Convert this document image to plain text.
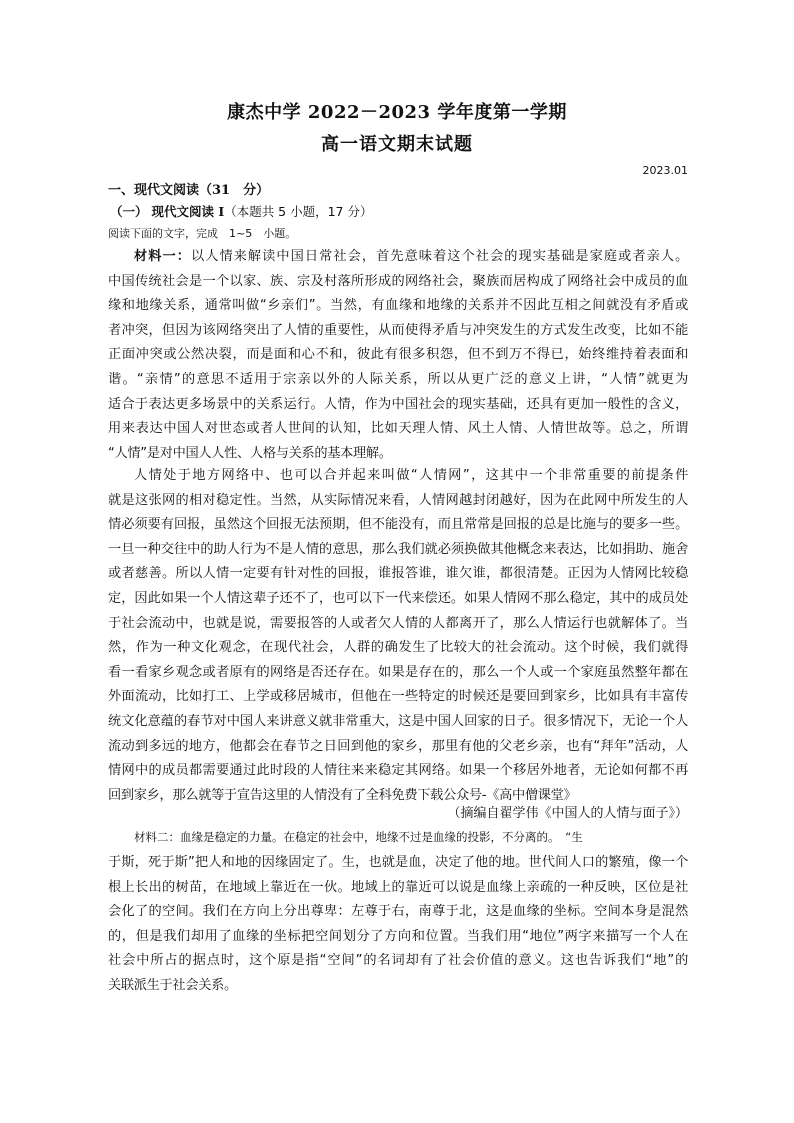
康杰中学 2022－2023 学年度第一学期
高一语文期末试题
2023.01
一、现代文阅读（31　分）
（一） 现代文阅读 I（本题共 5 小题，17 分）
阅读下面的文字，完成　1~5　小题。
材料一：以人情来解读中国日常社会，首先意味着这个社会的现实基础是家庭或者亲人。
中国传统社会是一个以家、族、宗及村落所形成的网络社会，聚族而居构成了网络社会中成员的血
缘和地缘关系，通常叫做“乡亲们”。当然，有血缘和地缘的关系并不因此互相之间就没有矛盾或
者冲突，但因为该网络突出了人情的重要性，从而使得矛盾与冲突发生的方式发生改变，比如不能
正面冲突或公然决裂，而是面和心不和，彼此有很多积怨，但不到万不得已，始终维持着表面和
谐。“亲情”的意思不适用于宗亲以外的人际关系，所以从更广泛的意义上讲，“人情”就更为
适合于表达更多场景中的关系运行。人情，作为中国社会的现实基础，还具有更加一般性的含义，
用来表达中国人对世态或者人世间的认知，比如天理人情、风土人情、人情世故等。总之，所谓
“人情”是对中国人人性、人格与关系的基本理解。
人情处于地方网络中、也可以合并起来叫做“人情网”，这其中一个非常重要的前提条件
就是这张网的相对稳定性。当然，从实际情况来看，人情网越封闭越好，因为在此网中所发生的人
情必须要有回报，虽然这个回报无法预期，但不能没有，而且常常是回报的总是比施与的要多一些。
一旦一种交往中的助人行为不是人情的意思，那么我们就必须换做其他概念来表达，比如捐助、施舍
或者慈善。所以人情一定要有针对性的回报，谁报答谁，谁欠谁，都很清楚。正因为人情网比较稳
定，因此如果一个人情这辈子还不了，也可以下一代来偿还。如果人情网不那么稳定，其中的成员处
于社会流动中，也就是说，需要报答的人或者欠人情的人都离开了，那么人情运行也就解体了。当
然，作为一种文化观念，在现代社会，人群的确发生了比较大的社会流动。这个时候，我们就得
看一看家乡观念或者原有的网络是否还存在。如果是存在的，那么一个人或一个家庭虽然整年都在
外面流动，比如打工、上学或移居城市，但他在一些特定的时候还是要回到家乡，比如具有丰富传
统文化意蕴的春节对中国人来讲意义就非常重大，这是中国人回家的日子。很多情况下，无论一个人
流动到多远的地方，他都会在春节之日回到他的家乡，那里有他的父老乡亲，也有“拜年”活动，人
情网中的成员都需要通过此时段的人情往来来稳定其网络。如果一个移居外地者，无论如何都不再
回到家乡，那么就等于宣告这里的人情没有了全科免费下载公众号-《高中僧课堂》
（摘编自翟学伟《中国人的人情与面子》）
材料二：血缘是稳定的力量。在稳定的社会中，地缘不过是血缘的投影，不分离的。　“生
于斯，死于斯”把人和地的因缘固定了。生，也就是血，决定了他的地。世代间人口的繁殖，像一个
根上长出的树苗，在地域上靠近在一伙。地域上的靠近可以说是血缘上亲疏的一种反映，区位是社
会化了的空间。我们在方向上分出尊卑：左尊于右，南尊于北，这是血缘的坐标。空间本身是混然
的，但是我们却用了血缘的坐标把空间划分了方向和位置。当我们用“地位”两字来描写一个人在
社会中所占的据点时，这个原是指“空间”的名词却有了社会价值的意义。这也告诉我们“地”的
关联派生于社会关系。
